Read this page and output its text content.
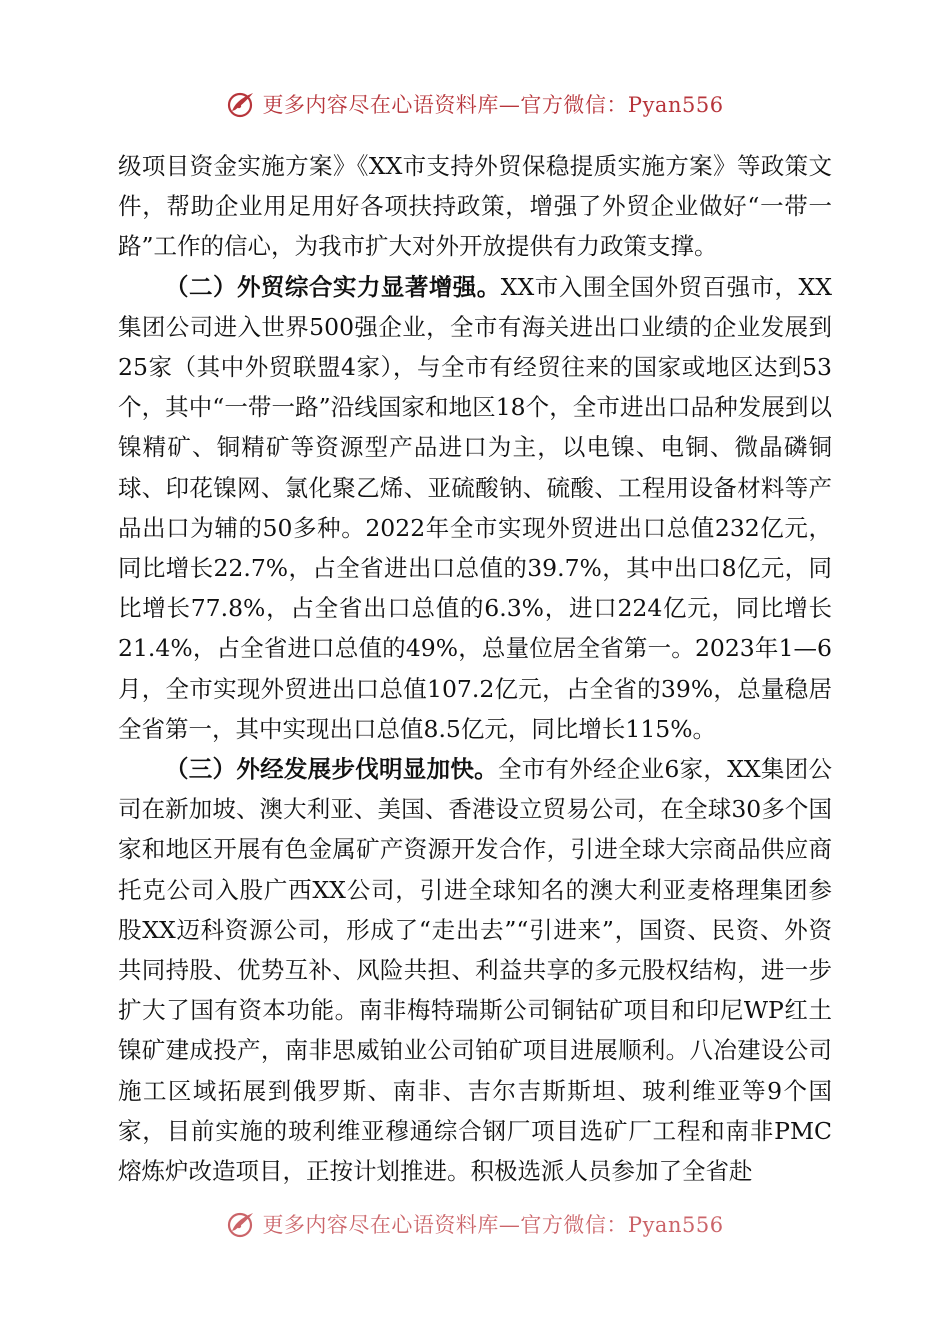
更多内容尽在心语资料库—官方微信：Pyan556

级项目资金实施方案》《XX市支持外贸保稳提质实施方案》等政策文件，帮助企业用足用好各项扶持政策，增强了外贸企业做好“一带一路”工作的信心，为我市扩大对外开放提供有力政策支撑。

（二）外贸综合实力显著增强。XX市入围全国外贸百强市，XX集团公司进入世界500强企业，全市有海关进出口业绩的企业发展到25家（其中外贸联盟4家），与全市有经贸往来的国家或地区达到53个，其中“一带一路”沿线国家和地区18个，全市进出口品种发展到以镍精矿、铜精矿等资源型产品进口为主，以电镍、电铜、微晶磷铜球、印花镍网、氯化聚乙烯、亚硫酸钠、硫酸、工程用设备材料等产品出口为辅的50多种。2022年全市实现外贸进出口总值232亿元，同比增长22.7%，占全省进出口总值的39.7%，其中出口8亿元，同比增长77.8%，占全省出口总值的6.3%，进口224亿元，同比增长21.4%，占全省进口总值的49%，总量位居全省第一。2023年1—6月，全市实现外贸进出口总值107.2亿元，占全省的39%，总量稳居全省第一，其中实现出口总值8.5亿元，同比增长115%。

（三）外经发展步伐明显加快。全市有外经企业6家，XX集团公司在新加坡、澳大利亚、美国、香港设立贸易公司，在全球30多个国家和地区开展有色金属矿产资源开发合作，引进全球大宗商品供应商托克公司入股广西XX公司，引进全球知名的澳大利亚麦格理集团参股XX迈科资源公司，形成了“走出去”“引进来”，国资、民资、外资共同持股、优势互补、风险共担、利益共享的多元股权结构，进一步扩大了国有资本功能。南非梅特瑞斯公司铜钴矿项目和印尼WP红土镍矿建成投产，南非思威铂业公司铂矿项目进展顺利。八冶建设公司施工区域拓展到俄罗斯、南非、吉尔吉斯斯坦、玻利维亚等9个国家，目前实施的玻利维亚穆通综合钢厂项目选矿厂工程和南非PMC熔炼炉改造项目，正按计划推进。积极选派人员参加了全省赴

更多内容尽在心语资料库—官方微信：Pyan556
